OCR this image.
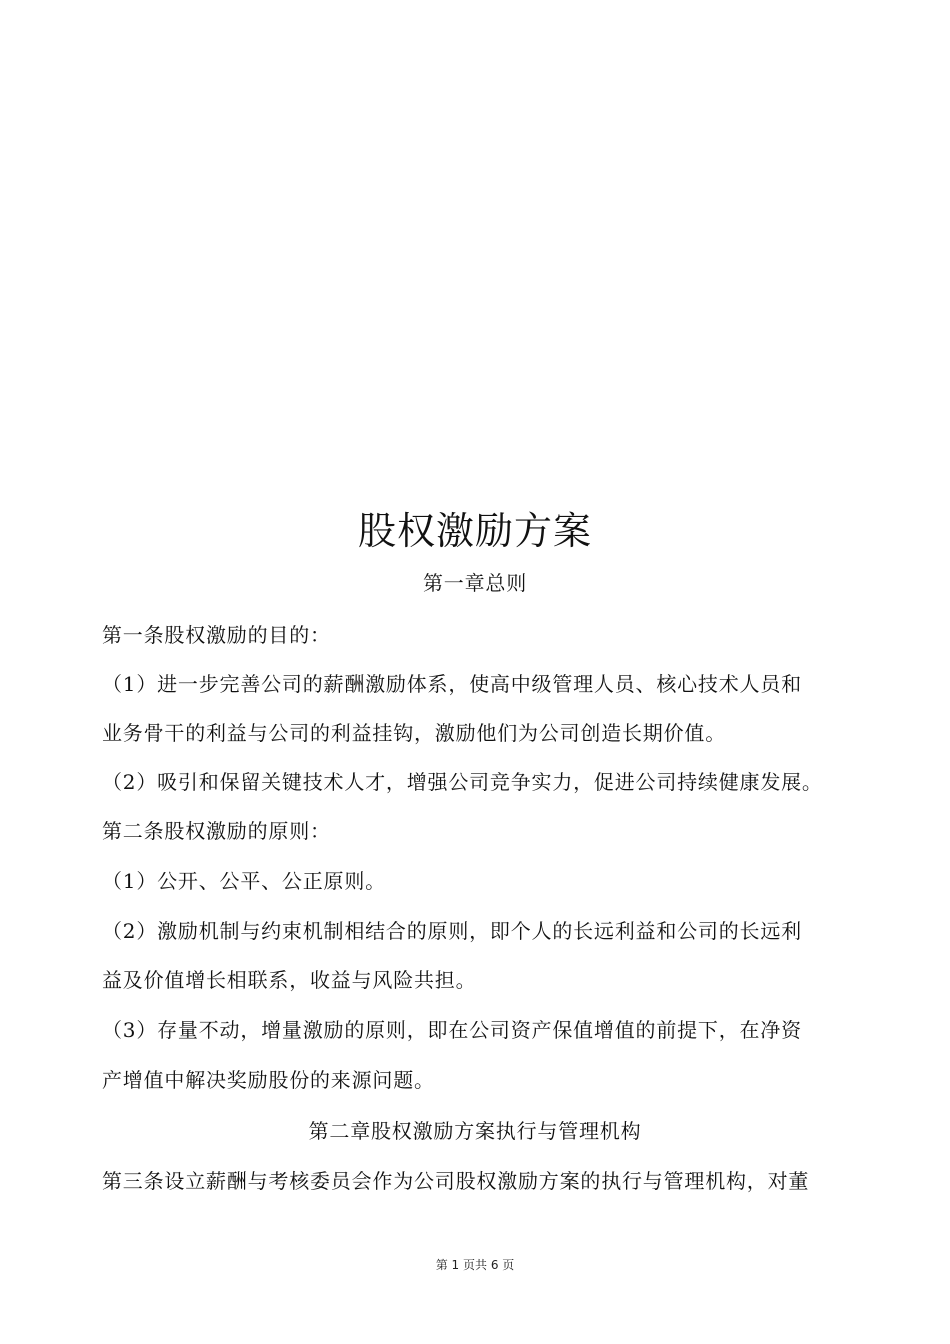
股权激励方案
第一章总则
第一条股权激励的目的：
（1）进一步完善公司的薪酬激励体系，使高中级管理人员、核心技术人员和
业务骨干的利益与公司的利益挂钩，激励他们为公司创造长期价值。
（2）吸引和保留关键技术人才，增强公司竞争实力，促进公司持续健康发展。
第二条股权激励的原则：
（1）公开、公平、公正原则。
（2）激励机制与约束机制相结合的原则，即个人的长远利益和公司的长远利
益及价值增长相联系，收益与风险共担。
（3）存量不动，增量激励的原则，即在公司资产保值增值的前提下，在净资
产增值中解决奖励股份的来源问题。
第二章股权激励方案执行与管理机构
第三条设立薪酬与考核委员会作为公司股权激励方案的执行与管理机构，对董
第 1 页共 6 页
